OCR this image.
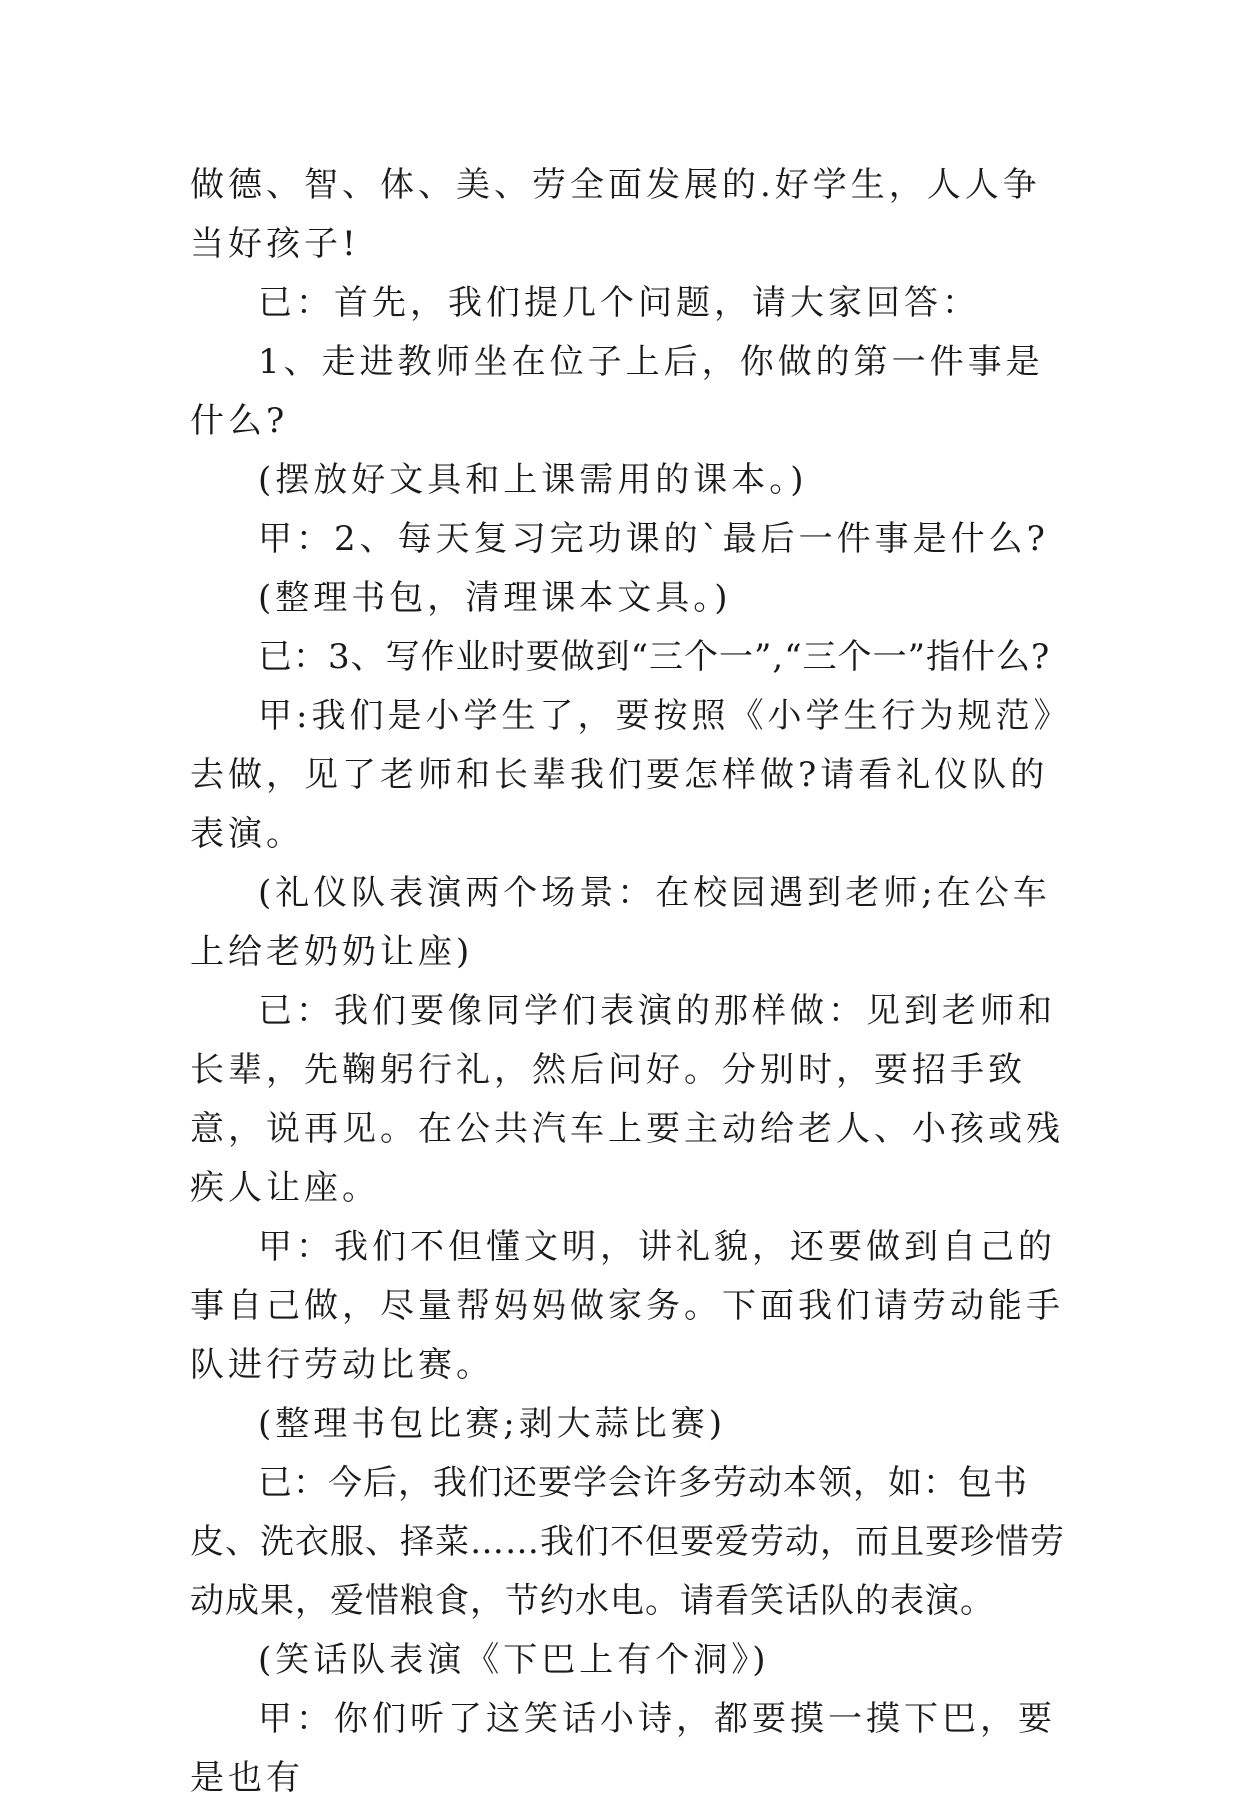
做德、智、体、美、劳全面发展的.好学生，人人争当好孩子!

已：首先，我们提几个问题，请大家回答：

1、走进教师坐在位子上后，你做的第一件事是什么?

(摆放好文具和上课需用的课本。)

甲：2、每天复习完功课的`最后一件事是什么?

(整理书包，清理课本文具。)

已：3、写作业时要做到“三个一”,“三个一”指什么?

甲:我们是小学生了，要按照《小学生行为规范》去做，见了老师和长辈我们要怎样做?请看礼仪队的表演。

(礼仪队表演两个场景：在校园遇到老师;在公车上给老奶奶让座)

已：我们要像同学们表演的那样做：见到老师和长辈，先鞠躬行礼，然后问好。分别时，要招手致意，说再见。在公共汽车上要主动给老人、小孩或残疾人让座。

甲：我们不但懂文明，讲礼貌，还要做到自己的事自己做，尽量帮妈妈做家务。下面我们请劳动能手队进行劳动比赛。

(整理书包比赛;剥大蒜比赛)

已：今后，我们还要学会许多劳动本领，如：包书皮、洗衣服、择菜……我们不但要爱劳动，而且要珍惜劳动成果，爱惜粮食，节约水电。请看笑话队的表演。

(笑话队表演《下巴上有个洞》)

甲：你们听了这笑话小诗，都要摸一摸下巴，要是也有
